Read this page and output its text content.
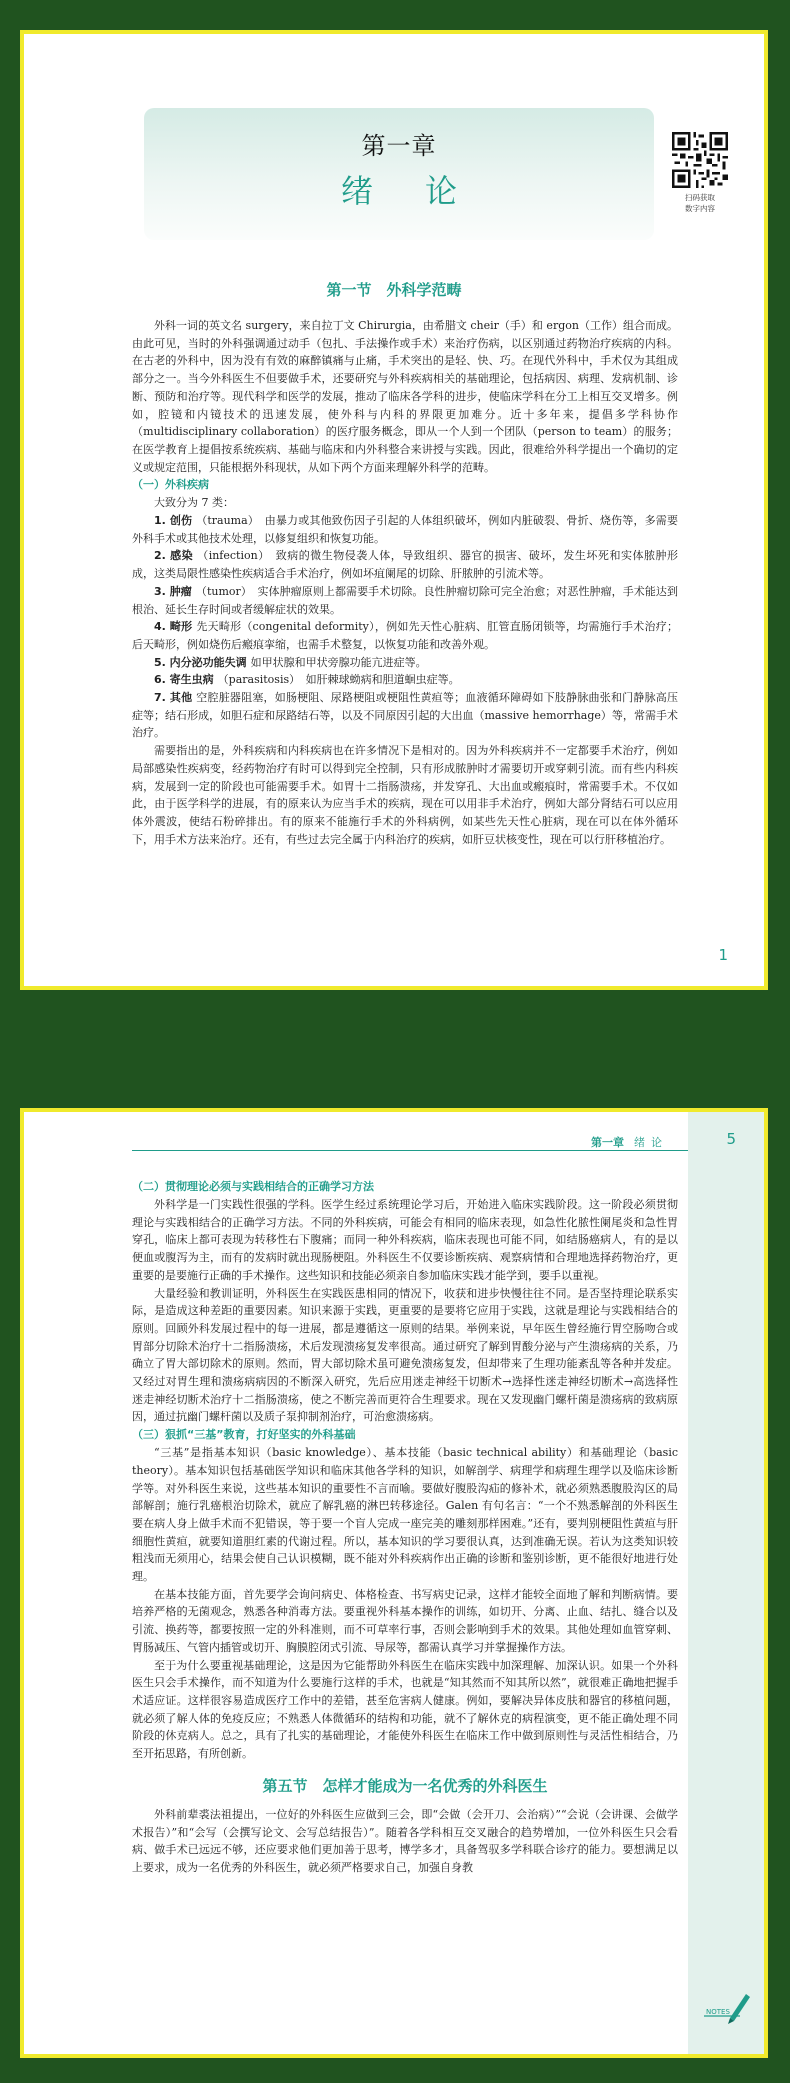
第一章
绪论	扫码获取
数字内容
第一节　外科学范畴

外科一词的英文名 surgery，来自拉丁文 Chirurgia，由希腊文 cheir（手）和 ergon（工作）组合而成。由此可见，当时的外科强调通过动手（包扎、手法操作或手术）来治疗伤病，以区别通过药物治疗疾病的内科。在古老的外科中，因为没有有效的麻醉镇痛与止痛，手术突出的是轻、快、巧。在现代外科中，手术仅为其组成部分之一。当今外科医生不但要做手术，还要研究与外科疾病相关的基础理论，包括病因、病理、发病机制、诊断、预防和治疗等。现代科学和医学的发展，推动了临床各学科的进步，使临床学科在分工上相互交叉增多。例如，腔镜和内镜技术的迅速发展，使外科与内科的界限更加难分。近十多年来，提倡多学科协作（multidisciplinary collaboration）的医疗服务概念，即从一个人到一个团队（person to team）的服务；在医学教育上提倡按系统疾病、基础与临床和内外科整合来讲授与实践。因此，很难给外科学提出一个确切的定义或规定范围，只能根据外科现状，从如下两个方面来理解外科学的范畴。

（一）外科疾病

大致分为 7 类：

1. 创伤 （trauma）　由暴力或其他致伤因子引起的人体组织破坏，例如内脏破裂、骨折、烧伤等，多需要外科手术或其他技术处理，以修复组织和恢复功能。

2. 感染 （infection）　致病的微生物侵袭人体，导致组织、器官的损害、破坏，发生坏死和实体脓肿形成，这类局限性感染性疾病适合手术治疗，例如坏疽阑尾的切除、肝脓肿的引流术等。

3. 肿瘤 （tumor）　实体肿瘤原则上都需要手术切除。良性肿瘤切除可完全治愈；对恶性肿瘤，手术能达到根治、延长生存时间或者缓解症状的效果。

4. 畸形 先天畸形（congenital deformity），例如先天性心脏病、肛管直肠闭锁等，均需施行手术治疗；后天畸形，例如烧伤后瘢痕挛缩，也需手术整复，以恢复功能和改善外观。

5. 内分泌功能失调 如甲状腺和甲状旁腺功能亢进症等。

6. 寄生虫病 （parasitosis）　如肝棘球蚴病和胆道蛔虫症等。

7. 其他 空腔脏器阻塞，如肠梗阻、尿路梗阻或梗阻性黄疸等；血液循环障碍如下肢静脉曲张和门静脉高压症等；结石形成，如胆石症和尿路结石等，以及不同原因引起的大出血（massive hemorrhage）等，常需手术治疗。

需要指出的是，外科疾病和内科疾病也在许多情况下是相对的。因为外科疾病并不一定都要手术治疗，例如局部感染性疾病变，经药物治疗有时可以得到完全控制，只有形成脓肿时才需要切开或穿刺引流。而有些内科疾病，发展到一定的阶段也可能需要手术。如胃十二指肠溃疡，并发穿孔、大出血或瘢痕时，常需要手术。不仅如此，由于医学科学的进展，有的原来认为应当手术的疾病，现在可以用非手术治疗，例如大部分肾结石可以应用体外震波，使结石粉碎排出。有的原来不能施行手术的外科病例，如某些先天性心脏病，现在可以在体外循环下，用手术方法来治疗。还有，有些过去完全属于内科治疗的疾病，如肝豆状核变性，现在可以行肝移植治疗。

1
第一章 绪论	5

（二）贯彻理论必须与实践相结合的正确学习方法

外科学是一门实践性很强的学科。医学生经过系统理论学习后，开始进入临床实践阶段。这一阶段必须贯彻理论与实践相结合的正确学习方法。不同的外科疾病，可能会有相同的临床表现，如急性化脓性阑尾炎和急性胃穿孔，临床上都可表现为转移性右下腹痛；而同一种外科疾病，临床表现也可能不同，如结肠癌病人，有的是以便血或腹泻为主，而有的发病时就出现肠梗阻。外科医生不仅要诊断疾病、观察病情和合理地选择药物治疗，更重要的是要施行正确的手术操作。这些知识和技能必须亲自参加临床实践才能学到，要手以重视。

大量经验和教训证明，外科医生在实践医患相同的情况下，收获和进步快慢往往不同。是否坚持理论联系实际，是造成这种差距的重要因素。知识来源于实践，更重要的是要将它应用于实践，这就是理论与实践相结合的原则。回顾外科发展过程中的每一进展，都是遵循这一原则的结果。举例来说，早年医生曾经施行胃空肠吻合或胃部分切除术治疗十二指肠溃疡，术后发现溃疡复发率很高。通过研究了解到胃酸分泌与产生溃疡病的关系，乃确立了胃大部切除术的原则。然而，胃大部切除术虽可避免溃疡复发，但却带来了生理功能紊乱等各种并发症。又经过对胃生理和溃疡病病因的不断深入研究，先后应用迷走神经干切断术→选择性迷走神经切断术→高选择性迷走神经切断术治疗十二指肠溃疡，使之不断完善而更符合生理要求。现在又发现幽门螺杆菌是溃疡病的致病原因，通过抗幽门螺杆菌以及质子泵抑制剂治疗，可治愈溃疡病。

（三）狠抓“三基”教育，打好坚实的外科基础

“三基”是指基本知识（basic knowledge）、基本技能（basic technical ability）和基础理论（basic theory）。基本知识包括基础医学知识和临床其他各学科的知识，如解剖学、病理学和病理生理学以及临床诊断学等。对外科医生来说，这些基本知识的重要性不言而喻。要做好腹股沟疝的修补术，就必须熟悉腹股沟区的局部解剖；施行乳癌根治切除术，就应了解乳癌的淋巴转移途径。Galen 有句名言：“一个不熟悉解剖的外科医生要在病人身上做手术而不犯错误，等于要一个盲人完成一座完美的雕刻那样困难。”还有，要判别梗阻性黄疸与肝细胞性黄疸，就要知道胆红素的代谢过程。所以，基本知识的学习要很认真，达到准确无误。若认为这类知识较粗浅而无须用心，结果会使自己认识模糊，既不能对外科疾病作出正确的诊断和鉴别诊断，更不能很好地进行处理。

在基本技能方面，首先要学会询问病史、体格检查、书写病史记录，这样才能较全面地了解和判断病情。要培养严格的无菌观念，熟悉各种消毒方法。要重视外科基本操作的训练，如切开、分离、止血、结扎、缝合以及引流、换药等，都要按照一定的外科准则，而不可草率行事，否则会影响到手术的效果。其他处理如血管穿刺、胃肠减压、气管内插管或切开、胸膜腔闭式引流、导尿等，都需认真学习并掌握操作方法。

至于为什么要重视基础理论，这是因为它能帮助外科医生在临床实践中加深理解、加深认识。如果一个外科医生只会手术操作，而不知道为什么要施行这样的手术，也就是“知其然而不知其所以然”，就很难正确地把握手术适应证。这样很容易造成医疗工作中的差错，甚至危害病人健康。例如，要解决异体皮肤和器官的移植问题，就必须了解人体的免疫反应；不熟悉人体微循环的结构和功能，就不了解休克的病程演变，更不能正确处理不同阶段的休克病人。总之，具有了扎实的基础理论，才能使外科医生在临床工作中做到原则性与灵活性相结合，乃至开拓思路，有所创新。

第五节　怎样才能成为一名优秀的外科医生

外科前辈裘法祖提出，一位好的外科医生应做到三会，即“会做（会开刀、会治病）”“会说（会讲课、会做学术报告）”和“会写（会撰写论文、会写总结报告）”。随着各学科相互交叉融合的趋势增加，一位外科医生只会看病、做手术已远远不够，还应要求他们更加善于思考，博学多才，具备驾驭多学科联合诊疗的能力。要想满足以上要求，成为一名优秀的外科医生，就必须严格要求自己，加强自身教

NOTES
